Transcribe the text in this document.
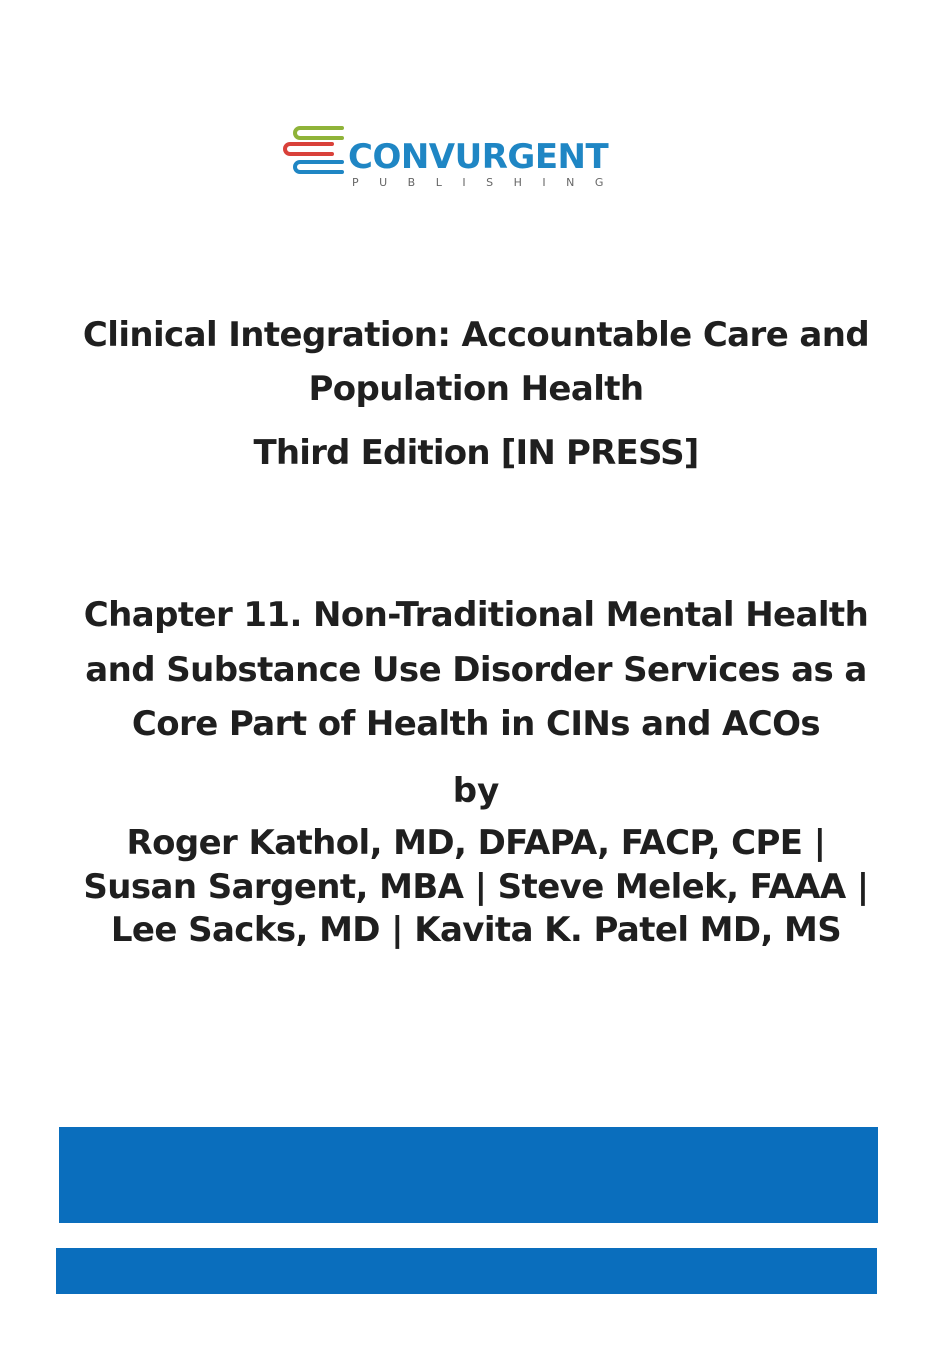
CONVURGENT
PUBLISHING
Clinical Integration: Accountable Care and
Population Health
Third Edition [IN PRESS]
Chapter 11. Non-Traditional Mental Health
and Substance Use Disorder Services as a
Core Part of Health in CINs and ACOs
by
Roger Kathol, MD, DFAPA, FACP, CPE |
Susan Sargent, MBA | Steve Melek, FAAA |
Lee Sacks, MD | Kavita K. Patel MD, MS
